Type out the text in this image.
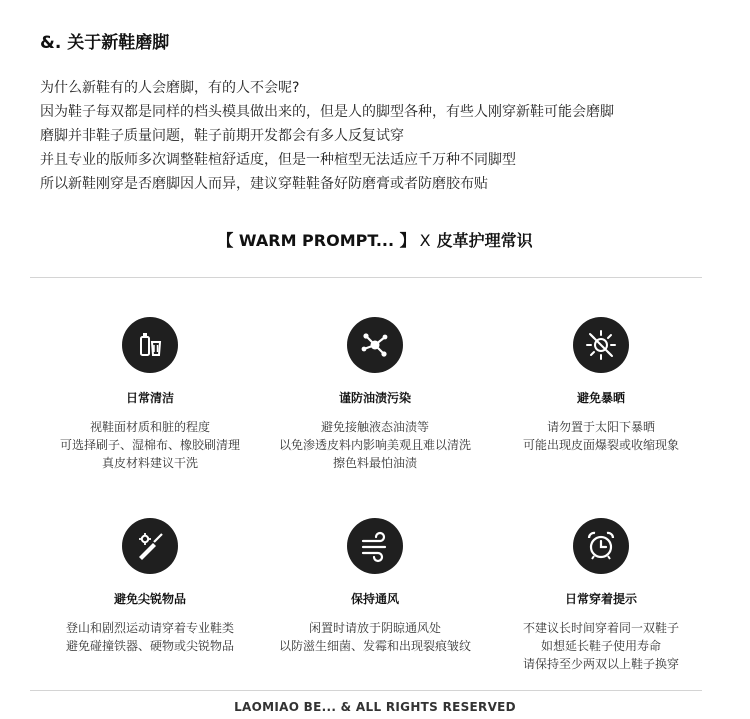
&. 关于新鞋磨脚
为什么新鞋有的人会磨脚，有的人不会呢?
因为鞋子每双都是同样的档头模具做出来的，但是人的脚型各种，有些人刚穿新鞋可能会磨脚
磨脚并非鞋子质量问题，鞋子前期开发都会有多人反复试穿
并且专业的版师多次调整鞋楦舒适度，但是一种楦型无法适应千万种不同脚型
所以新鞋刚穿是否磨脚因人而异，建议穿鞋鞋备好防磨膏或者防磨胶布贴
【 WARM PROMPT... 】 X 皮革护理常识
日常清洁
视鞋面材质和脏的程度
可选择刷子、湿棉布、橡胶刷清理
真皮材料建议干洗
谨防油渍污染
避免接触液态油渍等
以免渗透皮料内影响美观且难以清洗
擦色料最怕油渍
避免暴晒
请勿置于太阳下暴晒
可能出现皮面爆裂或收缩现象
避免尖锐物品
登山和剧烈运动请穿着专业鞋类
避免碰撞铁器、硬物或尖锐物品
保持通风
闲置时请放于阴晾通风处
以防滋生细菌、发霉和出现裂痕皱纹
日常穿着提示
不建议长时间穿着同一双鞋子
如想延长鞋子使用寿命
请保持至少两双以上鞋子换穿
LAOMIAO BE... & ALL RIGHTS RESERVED
